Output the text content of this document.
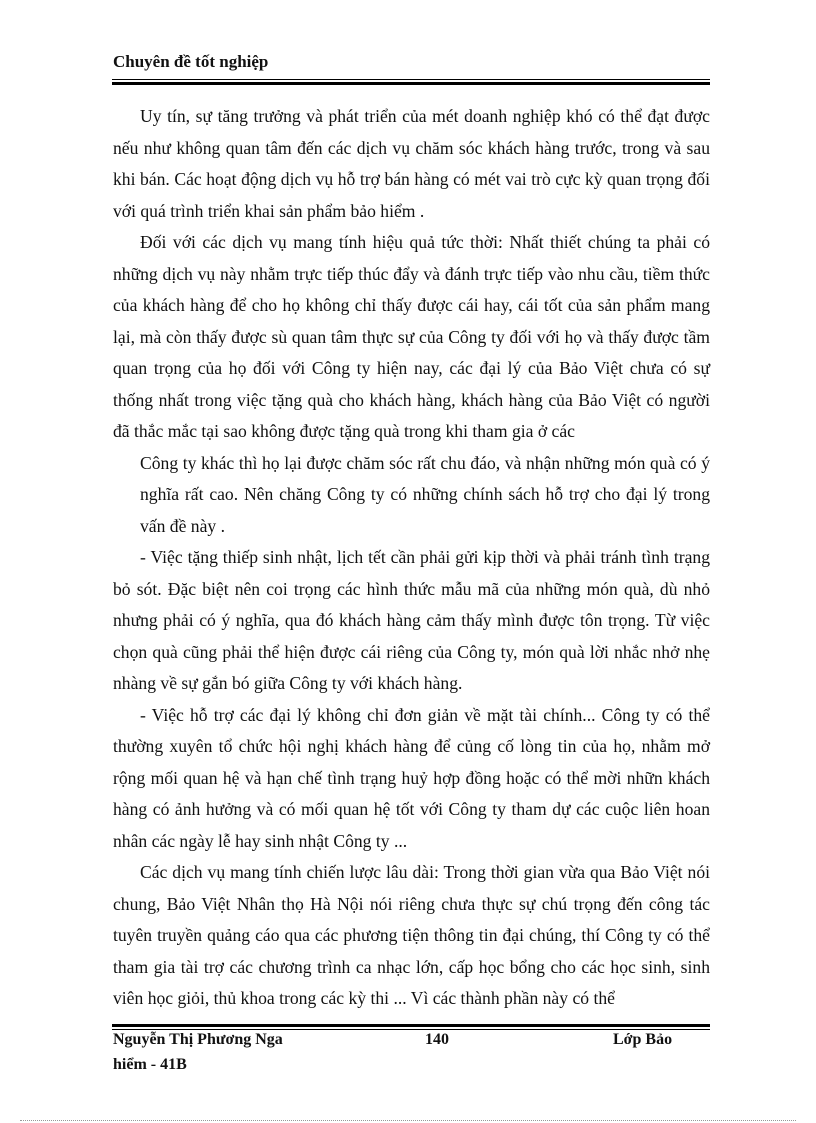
Chuyên đề tốt nghiệp

Uy tín, sự tăng trưởng và phát triển của mét doanh nghiệp khó có thể đạt được nếu như không quan tâm đến các dịch vụ chăm sóc khách hàng trước, trong và sau khi bán. Các hoạt động dịch vụ hỗ trợ bán hàng có mét vai trò cực kỳ quan trọng đối với quá trình triển khai sản phẩm bảo hiểm .

Đối với các dịch vụ mang tính hiệu quả tức thời: Nhất thiết chúng ta phải có những dịch vụ này nhằm trực tiếp thúc đẩy và đánh trực tiếp vào nhu cầu, tiềm thức của khách hàng để cho họ không chỉ thấy được cái hay, cái tốt của sản phẩm mang lại, mà còn thấy được sù quan tâm thực sự của Công ty đối với họ và thấy được tầm quan trọng của họ đối với Công ty hiện nay, các đại lý của Bảo Việt chưa có sự thống nhất trong việc tặng quà cho khách hàng, khách hàng của Bảo Việt có người đã thắc mắc tại sao không được tặng quà trong khi tham gia ở các

Công ty khác thì họ lại được chăm sóc rất chu đáo, và nhận những món quà có ý nghĩa rất cao. Nên chăng Công ty có những chính sách hỗ trợ cho đại lý trong vấn đề này .

- Việc tặng thiếp sinh nhật, lịch tết cần phải gửi kịp thời và phải tránh tình trạng bỏ sót. Đặc biệt nên coi trọng các hình thức mẫu mã của những món quà, dù nhỏ nhưng phải có ý nghĩa, qua đó khách hàng cảm thấy mình được tôn trọng. Từ việc chọn quà cũng phải thể hiện được cái riêng của Công ty, món quà lời nhắc nhở nhẹ nhàng về sự gắn bó giữa Công ty với khách hàng.

- Việc hỗ trợ các đại lý không chỉ đơn giản về mặt tài chính... Công ty có thể thường xuyên tổ chức hội nghị khách hàng để củng cố lòng tin của họ, nhằm mở rộng mối quan hệ và hạn chế tình trạng huỷ hợp đồng hoặc có thể mời nhữn khách hàng có ảnh hưởng và có mối quan hệ tốt với Công ty tham dự các cuộc liên hoan nhân các ngày lễ hay sinh nhật Công ty ...

Các dịch vụ mang tính chiến lược lâu dài: Trong thời gian vừa qua Bảo Việt nói chung, Bảo Việt Nhân thọ Hà Nội nói riêng chưa thực sự chú trọng đến công tác tuyên truyền quảng cáo qua các phương tiện thông tin đại chúng, thí Công ty có thể tham gia tài trợ các chương trình ca nhạc lớn, cấp học bổng cho các học sinh, sinh viên học giỏi, thủ khoa trong các kỳ thi ... Vì các thành phần này có thể

Nguyễn Thị Phương Nga	140	Lớp Bảo
hiểm - 41B
